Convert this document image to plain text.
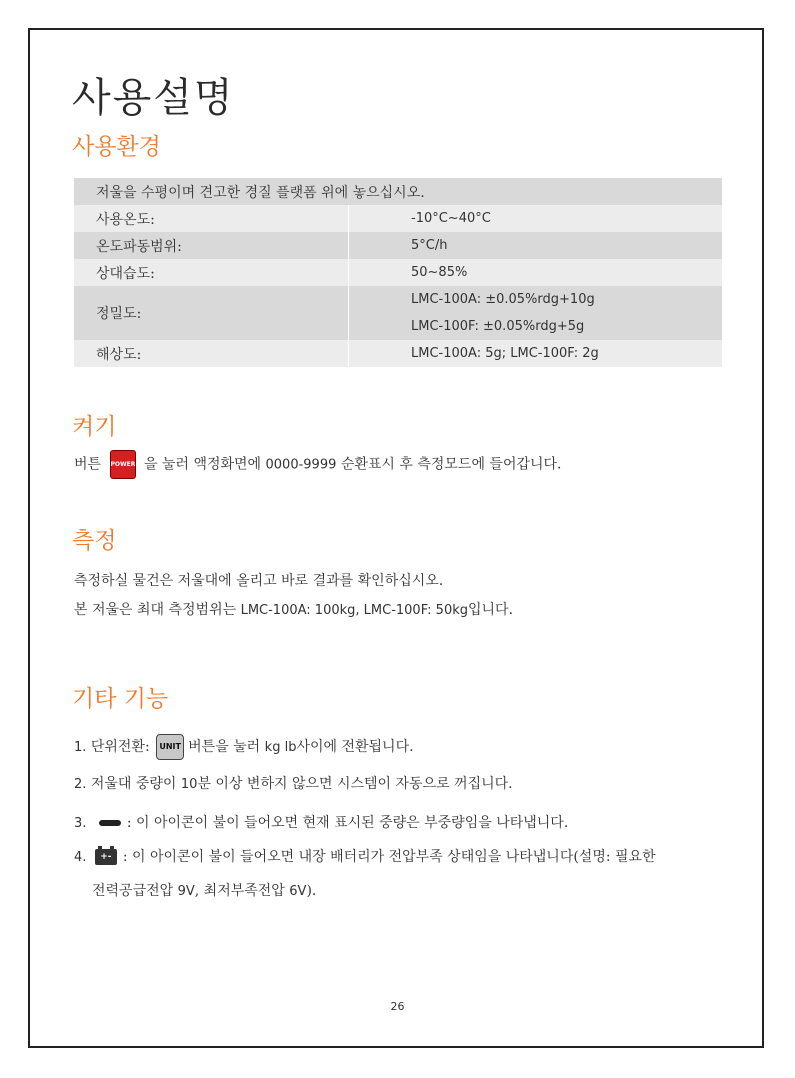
사용설명
사용환경
저울을 수평이며 견고한 경질 플랫폼 위에 놓으십시오.	
사용온도:	-10°C~40°C
온도파동범위:	5°C/h
상대습도:	50~85%
정밀도:	LMC-100A: ±0.05%rdg+10g
	LMC-100F: ±0.05%rdg+5g
해상도:	LMC-100A: 5g; LMC-100F: 2g
켜기

버튼 POWER 을 눌러 액정화면에 0000-9999 순환표시 후 측정모드에 들어갑니다.

측정

측정하실 물건은 저울대에 올리고 바로 결과를 확인하십시오.

본 저울은 최대 측정범위는 LMC-100A: 100kg, LMC-100F: 50kg입니다.

기타 기능

1. 단위전환: UNIT 버튼을 눌러 kg lb사이에 전환됩니다.

2. 저울대 중량이 10분 이상 변하지 않으면 시스템이 자동으로 꺼집니다.

3.	: 이 아이콘이 불이 들어오면 현재 표시된 중량은 부중량임을 나타냅니다.

4. +- : 이 아이콘이 불이 들어오면 내장 배터리가 전압부족 상태임을 나타냅니다(설명: 필요한

전력공급전압 9V, 최저부족전압 6V).

26
